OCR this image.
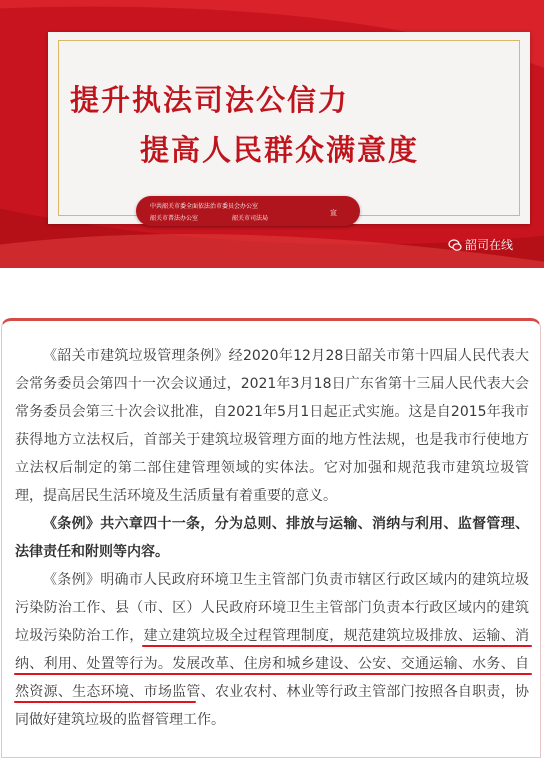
提升执法司法公信力
提高人民群众满意度
中共韶关市委全面依法治市委员会办公室
韶关市普法办公室	韶关市司法局
宣
韶司在线

《韶关市建筑垃圾管理条例》经2020年12月28日韶关市第十四届人民代表大会常务委员会第四十一次会议通过，2021年3月18日广东省第十三届人民代表大会常务委员会第三十次会议批准，自2021年5月1日起正式实施。这是自2015年我市获得地方立法权后，首部关于建筑垃圾管理方面的地方性法规，也是我市行使地方立法权后制定的第二部住建管理领域的实体法。它对加强和规范我市建筑垃圾管理，提高居民生活环境及生活质量有着重要的意义。

《条例》共六章四十一条，分为总则、排放与运输、消纳与利用、监督管理、法律责任和附则等内容。

《条例》明确市人民政府环境卫生主管部门负责市辖区行政区域内的建筑垃圾污染防治工作、县（市、区）人民政府环境卫生主管部门负责本行政区域内的建筑垃圾污染防治工作，建立建筑垃圾全过程管理制度，规范建筑垃圾排放、运输、消纳、利用、处置等行为。发展改革、住房和城乡建设、公安、交通运输、水务、自然资源、生态环境、市场监管、农业农村、林业等行政主管部门按照各自职责，协同做好建筑垃圾的监督管理工作。
